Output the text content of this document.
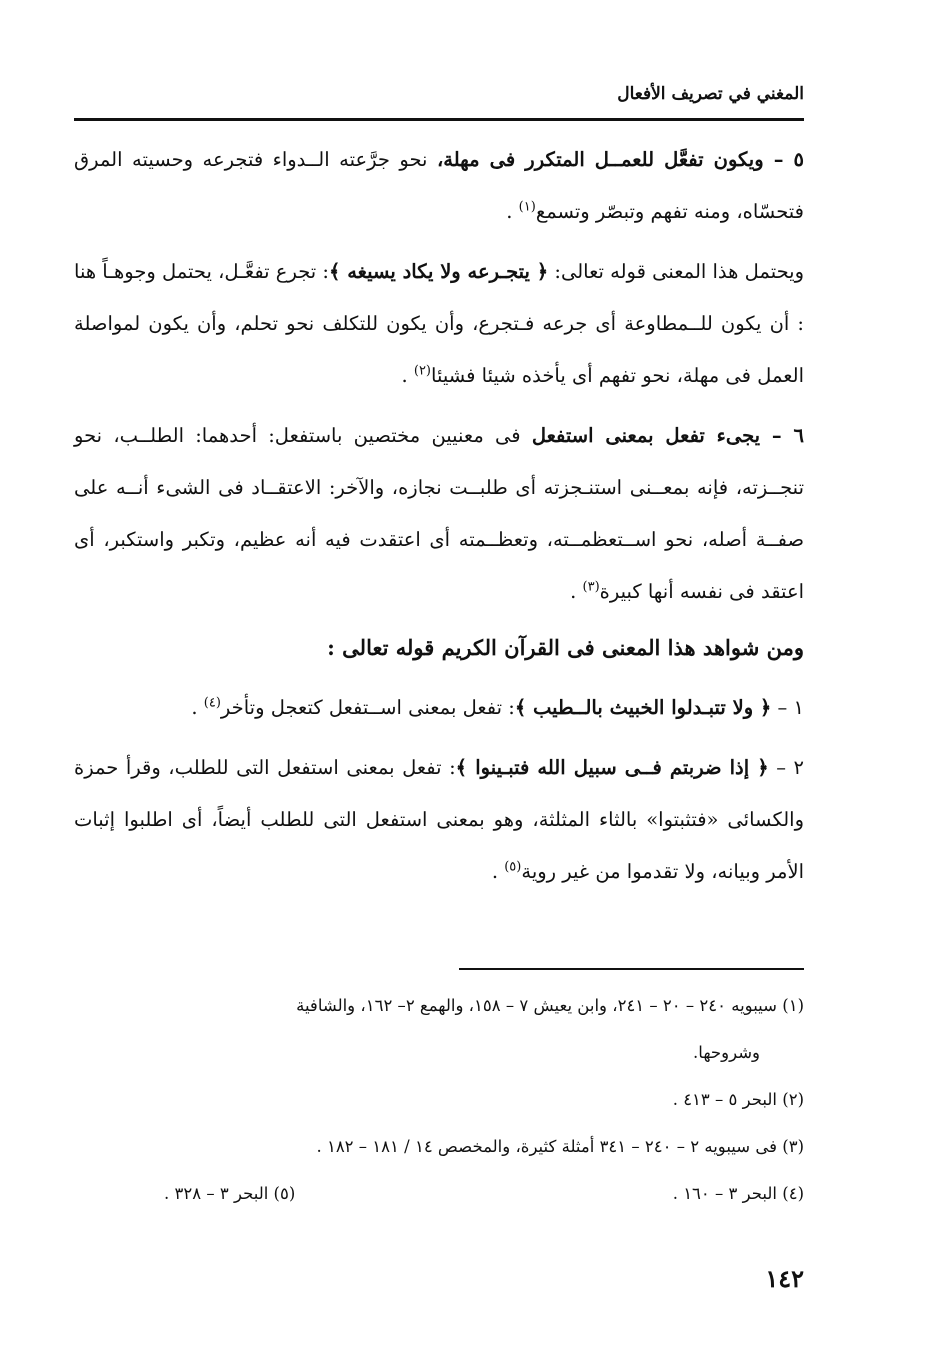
المغني في تصريف الأفعال

٥ – ويكون تفعَّل للعمــل المتكرر فى مهلة، نحو جرَّعته الــدواء فتجرعه وحسيته المرق فتحسّاه، ومنه تفهم وتبصّر وتسمع$^{(١)}$ .

ويحتمل هذا المعنى قوله تعالى: ﴿ يتجـرعه ولا يكاد يسيغه ﴾: تجرع تفعَّـل، يحتمل وجوهـاً هنا : أن يكون للــمطاوعة أى جرعه فـتجرع، وأن يكون للتكلف نحو تحلم، وأن يكون لمواصلة العمل فى مهلة، نحو تفهم أى يأخذه شيئا فشيئا$^{(٢)}$ .

٦ – يجىء تفعل بمعنى استفعل فى معنيين مختصين باستفعل: أحدهما: الطلــب، نحو تنجــزته، فإنه بمعــنى استنـجزته أى طلبــت نجازه، والآخر: الاعتقــاد فى الشىء أنــه على صفــة أصله، نحو اســتعظمــته، وتعظــمته أى اعتقدت فيه أنه عظيم، وتكبر واستكبر، أى اعتقد فى نفسه أنها كبيرة$^{(٣)}$ .

ومن شواهد هذا المعنى فى القرآن الكريم قوله تعالى :

١ – ﴿ ولا تتبـدلوا الخبيث بالــطيب ﴾: تفعل بمعنى اســتفعل كتعجل وتأخر$^{(٤)}$ .

٢ – ﴿ إذا ضربتم فــى سبيل الله فتبـينوا ﴾: تفعل بمعنى استفعل التى للطلب، وقرأ حمزة والكسائى «فتثبتوا» بالثاء المثلثة، وهو بمعنى استفعل التى للطلب أيضاً، أى اطلبوا إثبات الأمر وبيانه، ولا تقدموا من غير روية$^{(٥)}$ .

(١) سيبويه ٢٤٠ – ٢٠ – ٢٤١، وابن يعيش ٧ – ١٥٨، والهمع ٢– ١٦٢، والشافية

وشروحها.

(٢) البحر ٥ – ٤١٣ .

(٣) فى سيبويه ٢ – ٢٤٠ – ٣٤١ أمثلة كثيرة، والمخصص ١٤ / ١٨١ – ١٨٢ .

(٤) البحر ٣ – ١٦٠ .
(٥) البحر ٣ – ٣٢٨ .
١٤٢
